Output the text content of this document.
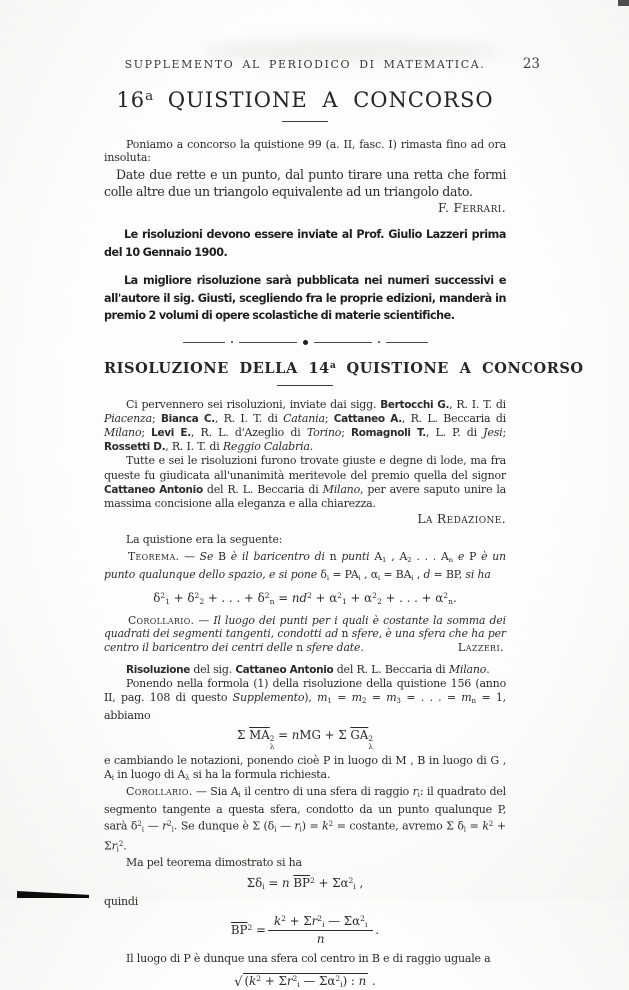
SUPPLEMENTO AL PERIODICO DI MATEMATICA.	23
16$^a$ QUISTIONE A CONCORSO

Poniamo a concorso la quistione 99 (a. II, fasc. I) rimasta fino ad ora insoluta:

Date due rette e un punto, dal punto tirare una retta che formi colle altre due un triangolo equivalente ad un triangolo dato.

F. Ferrari.

Le risoluzioni devono essere inviate al Prof. Giulio Lazzeri prima del 10 Gennaio 1900.

La migliore risoluzione sarà pubblicata nei numeri successivi e all'autore il sig. Giusti, scegliendo fra le proprie edizioni, manderà in premio 2 volumi di opere scolastiche di materie scientifiche.

RISOLUZIONE DELLA 14$^a$ QUISTIONE A CONCORSO

Ci pervennero sei risoluzioni, inviate dai sigg. Bertocchi G., R. I. T. di Piacenza; Bianca C., R. I. T. di Catania; Cattaneo A., R. L. Beccaria di Milano; Levi E., R. L. d'Azeglio di Torino; Romagnoli T., L. P. di Jesi; Rossetti D., R. I. T. di Reggio Calabria.

Tutte e sei le risoluzioni furono trovate giuste e degne di lode, ma fra queste fu giudicata all'unanimità meritevole del premio quella del signor Cattaneo Antonio del R. L. Beccaria di Milano, per avere saputo unire la massima concisione alla eleganza e alla chiarezza.

La Redazione.

La quistione era la seguente:

Teorema. — Se B è il baricentro di n punti A1 , A2 . . . An e P è un punto qualunque dello spazio, e si pone δi = PAi , αi = BAi , d = BP, si ha

$\delta^21 + \delta^22$ + . . . + $\delta^2n = nd^2 + \alpha^21 + \alpha^22$ + . . . + $\alpha^2n$.

Lazzeri.
Corollario. — Il luogo dei punti per i quali è costante la somma dei quadrati dei segmenti tangenti, condotti ad n sfere, è una sfera che ha per centro il baricentro dei centri delle n sfere date.

Risoluzione del sig. Cattaneo Antonio del R. L. Beccaria di Milano.

Ponendo nella formola (1) della risoluzione della quistione 156 (anno II, pag. 108 di questo Supplemento), m1 = m2 = m3 = . . . = mn = 1, abbiamo

Σ $\overline{MA}$ 2
λ
= nMG + Σ $\overline{GA}$ 2
λ

e cambiando le notazioni, ponendo cioè P in luogo di M , B in luogo di G , Ai in luogo di Aλ si ha la formula richiesta.

Corollario. — Sia Ai il centro di una sfera di raggio ri: il quadrato del segmento tangente a questa sfera, condotto da un punto qualunque P, sarà $\delta^2i$ — $r^2i$. Se dunque è Σ (δi — $ri) = k^2$ = costante, avremo Σ $\delta i = k^2 + \Sigma ri^2$.

Ma pel teorema dimostrato si ha

Σδi = n $\overline{BP}^2 + \Sigma\alpha^2i$ ,

quindi

$\overline{BP}^2 = \frac{k^2 + \Sigma r^2i — \Sigma\alpha^2i}{n}$ .

Il luogo di P è dunque una sfera col centro in B e di raggio uguale a

√ ($k^2 + \Sigma r^2i$ — $\Sigma\alpha^2i$) : n .
